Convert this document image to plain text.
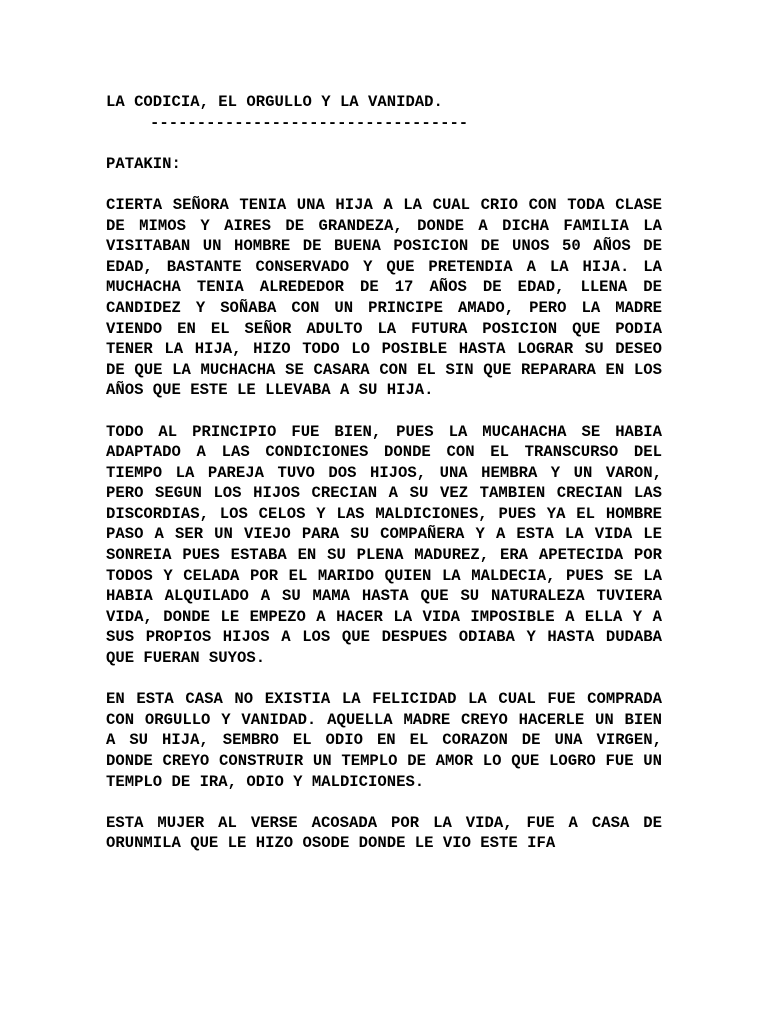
LA CODICIA, EL ORGULLO Y LA VANIDAD.
----------------------------------
PATAKIN:

CIERTA SEÑORA TENIA UNA HIJA A LA CUAL CRIO CON TODA CLASE DE MIMOS Y AIRES DE GRANDEZA, DONDE A DICHA FAMILIA LA VISITABAN UN HOMBRE DE BUENA POSICION DE UNOS 50 AÑOS DE EDAD, BASTANTE CONSERVADO Y QUE PRETENDIA A LA HIJA. LA MUCHACHA TENIA ALREDEDOR DE 17 AÑOS DE EDAD, LLENA DE CANDIDEZ Y SOÑABA CON UN PRINCIPE AMADO, PERO LA MADRE VIENDO EN EL SEÑOR ADULTO LA FUTURA POSICION QUE PODIA TENER LA HIJA, HIZO TODO LO POSIBLE HASTA LOGRAR SU DESEO DE QUE LA MUCHACHA SE CASARA CON EL SIN QUE REPARARA EN LOS AÑOS QUE ESTE LE LLEVABA A SU HIJA.

TODO AL PRINCIPIO FUE BIEN, PUES LA MUCAHACHA SE HABIA ADAPTADO A LAS CONDICIONES DONDE CON EL TRANSCURSO DEL TIEMPO LA PAREJA TUVO DOS HIJOS, UNA HEMBRA Y UN VARON, PERO SEGUN LOS HIJOS CRECIAN A SU VEZ TAMBIEN CRECIAN LAS DISCORDIAS, LOS CELOS Y LAS MALDICIONES, PUES YA EL HOMBRE PASO A SER UN VIEJO PARA SU COMPAÑERA Y A ESTA LA VIDA LE SONREIA PUES ESTABA EN SU PLENA MADUREZ, ERA APETECIDA POR TODOS Y CELADA POR EL MARIDO QUIEN LA MALDECIA, PUES SE LA HABIA ALQUILADO A SU MAMA HASTA QUE SU NATURALEZA TUVIERA VIDA, DONDE LE EMPEZO A HACER LA VIDA IMPOSIBLE A ELLA Y A SUS PROPIOS HIJOS A LOS QUE DESPUES ODIABA Y HASTA DUDABA QUE FUERAN SUYOS.

EN ESTA CASA NO EXISTIA LA FELICIDAD LA CUAL FUE COMPRADA CON ORGULLO Y VANIDAD. AQUELLA MADRE CREYO HACERLE UN BIEN A SU HIJA, SEMBRO EL ODIO EN EL CORAZON DE UNA VIRGEN, DONDE CREYO CONSTRUIR UN TEMPLO DE AMOR LO QUE LOGRO FUE UN TEMPLO DE IRA, ODIO Y MALDICIONES.

ESTA MUJER AL VERSE ACOSADA POR LA VIDA, FUE A CASA DE ORUNMILA QUE LE HIZO OSODE DONDE LE VIO ESTE IFA
